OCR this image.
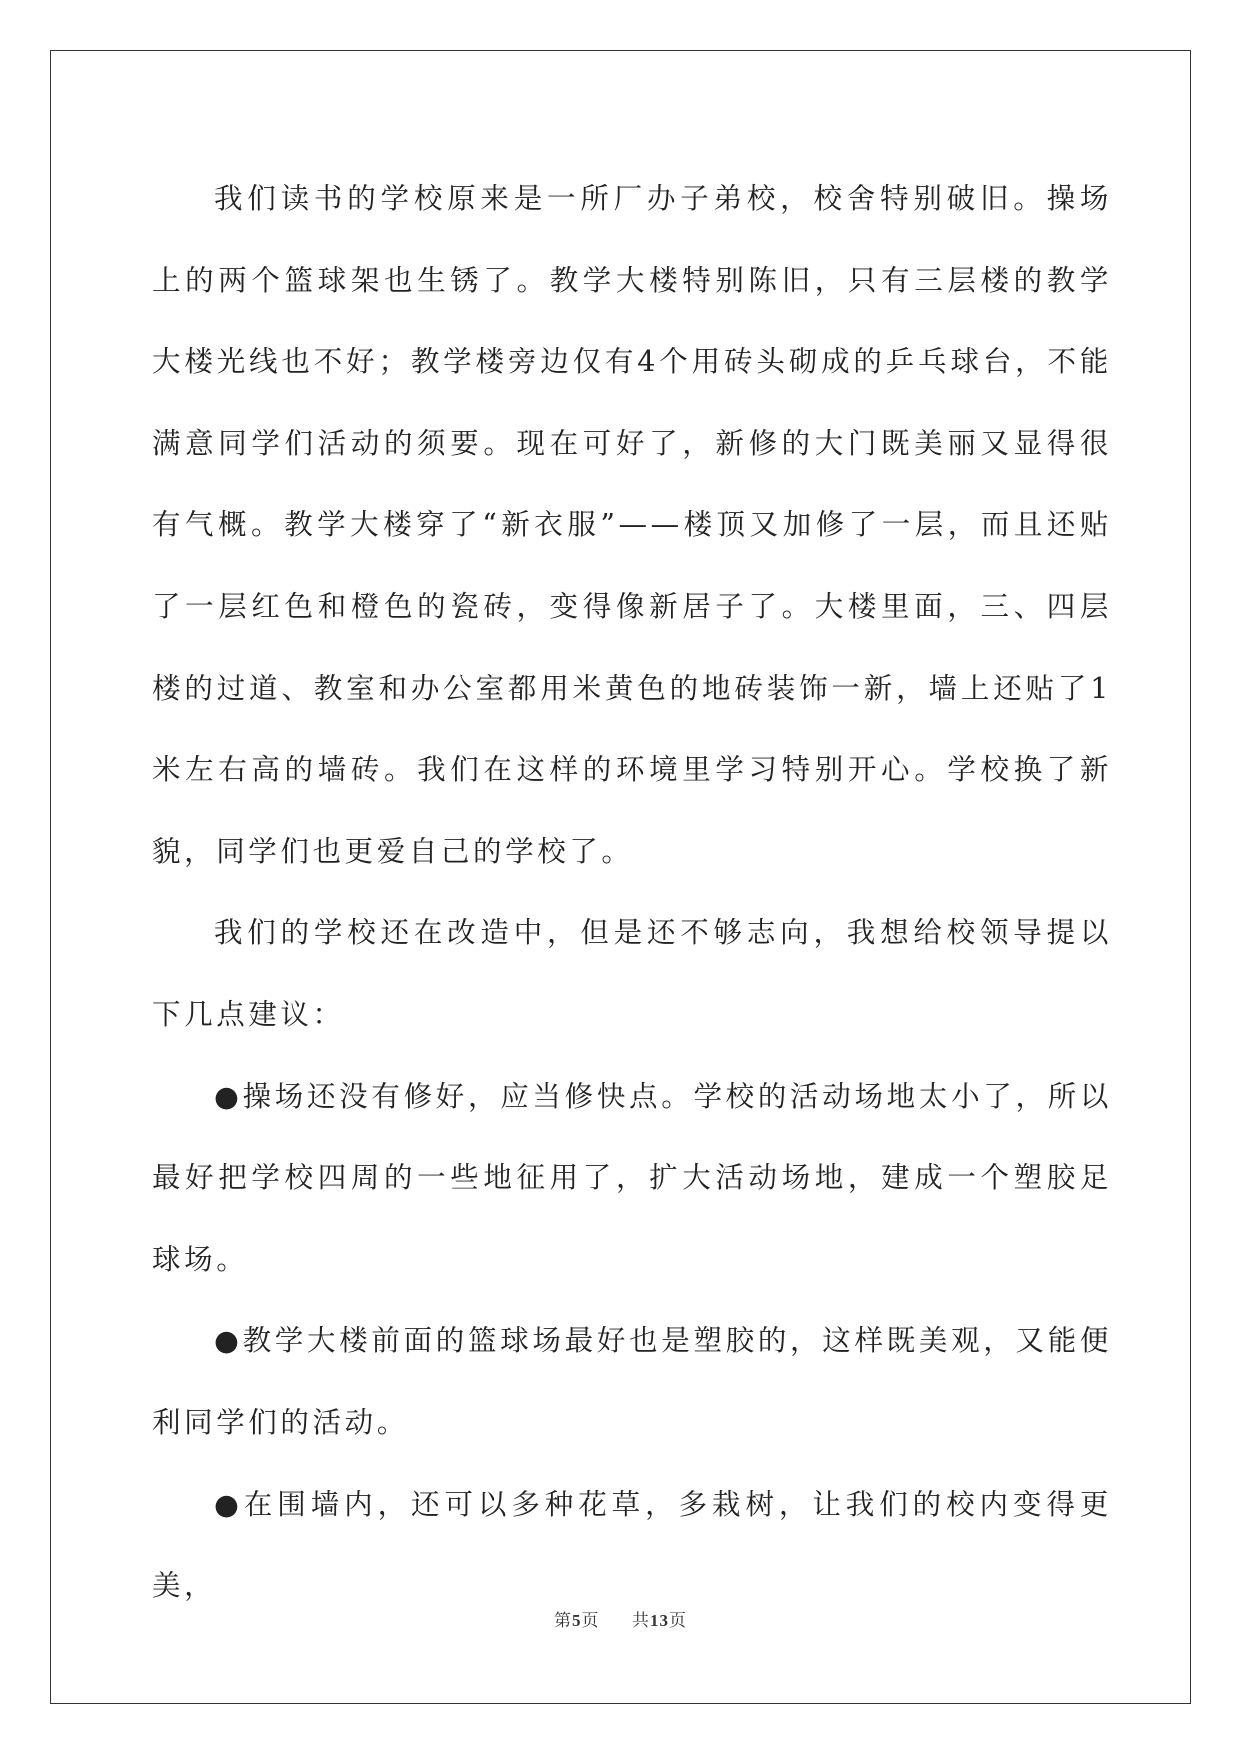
我们读书的学校原来是一所厂办子弟校，校舍特别破旧。操场上的两个篮球架也生锈了。教学大楼特别陈旧，只有三层楼的教学大楼光线也不好；教学楼旁边仅有4个用砖头砌成的乒乓球台，不能满意同学们活动的须要。现在可好了，新修的大门既美丽又显得很有气概。教学大楼穿了“新衣服”——楼顶又加修了一层，而且还贴了一层红色和橙色的瓷砖，变得像新居子了。大楼里面，三、四层楼的过道、教室和办公室都用米黄色的地砖装饰一新，墙上还贴了1米左右高的墙砖。我们在这样的环境里学习特别开心。学校换了新貌，同学们也更爱自己的学校了。

我们的学校还在改造中，但是还不够志向，我想给校领导提以下几点建议：

●操场还没有修好，应当修快点。学校的活动场地太小了，所以最好把学校四周的一些地征用了，扩大活动场地，建成一个塑胶足球场。

●教学大楼前面的篮球场最好也是塑胶的，这样既美观，又能便利同学们的活动。

●在围墙内，还可以多种花草，多栽树，让我们的校内变得更美，

第5页 共13页
